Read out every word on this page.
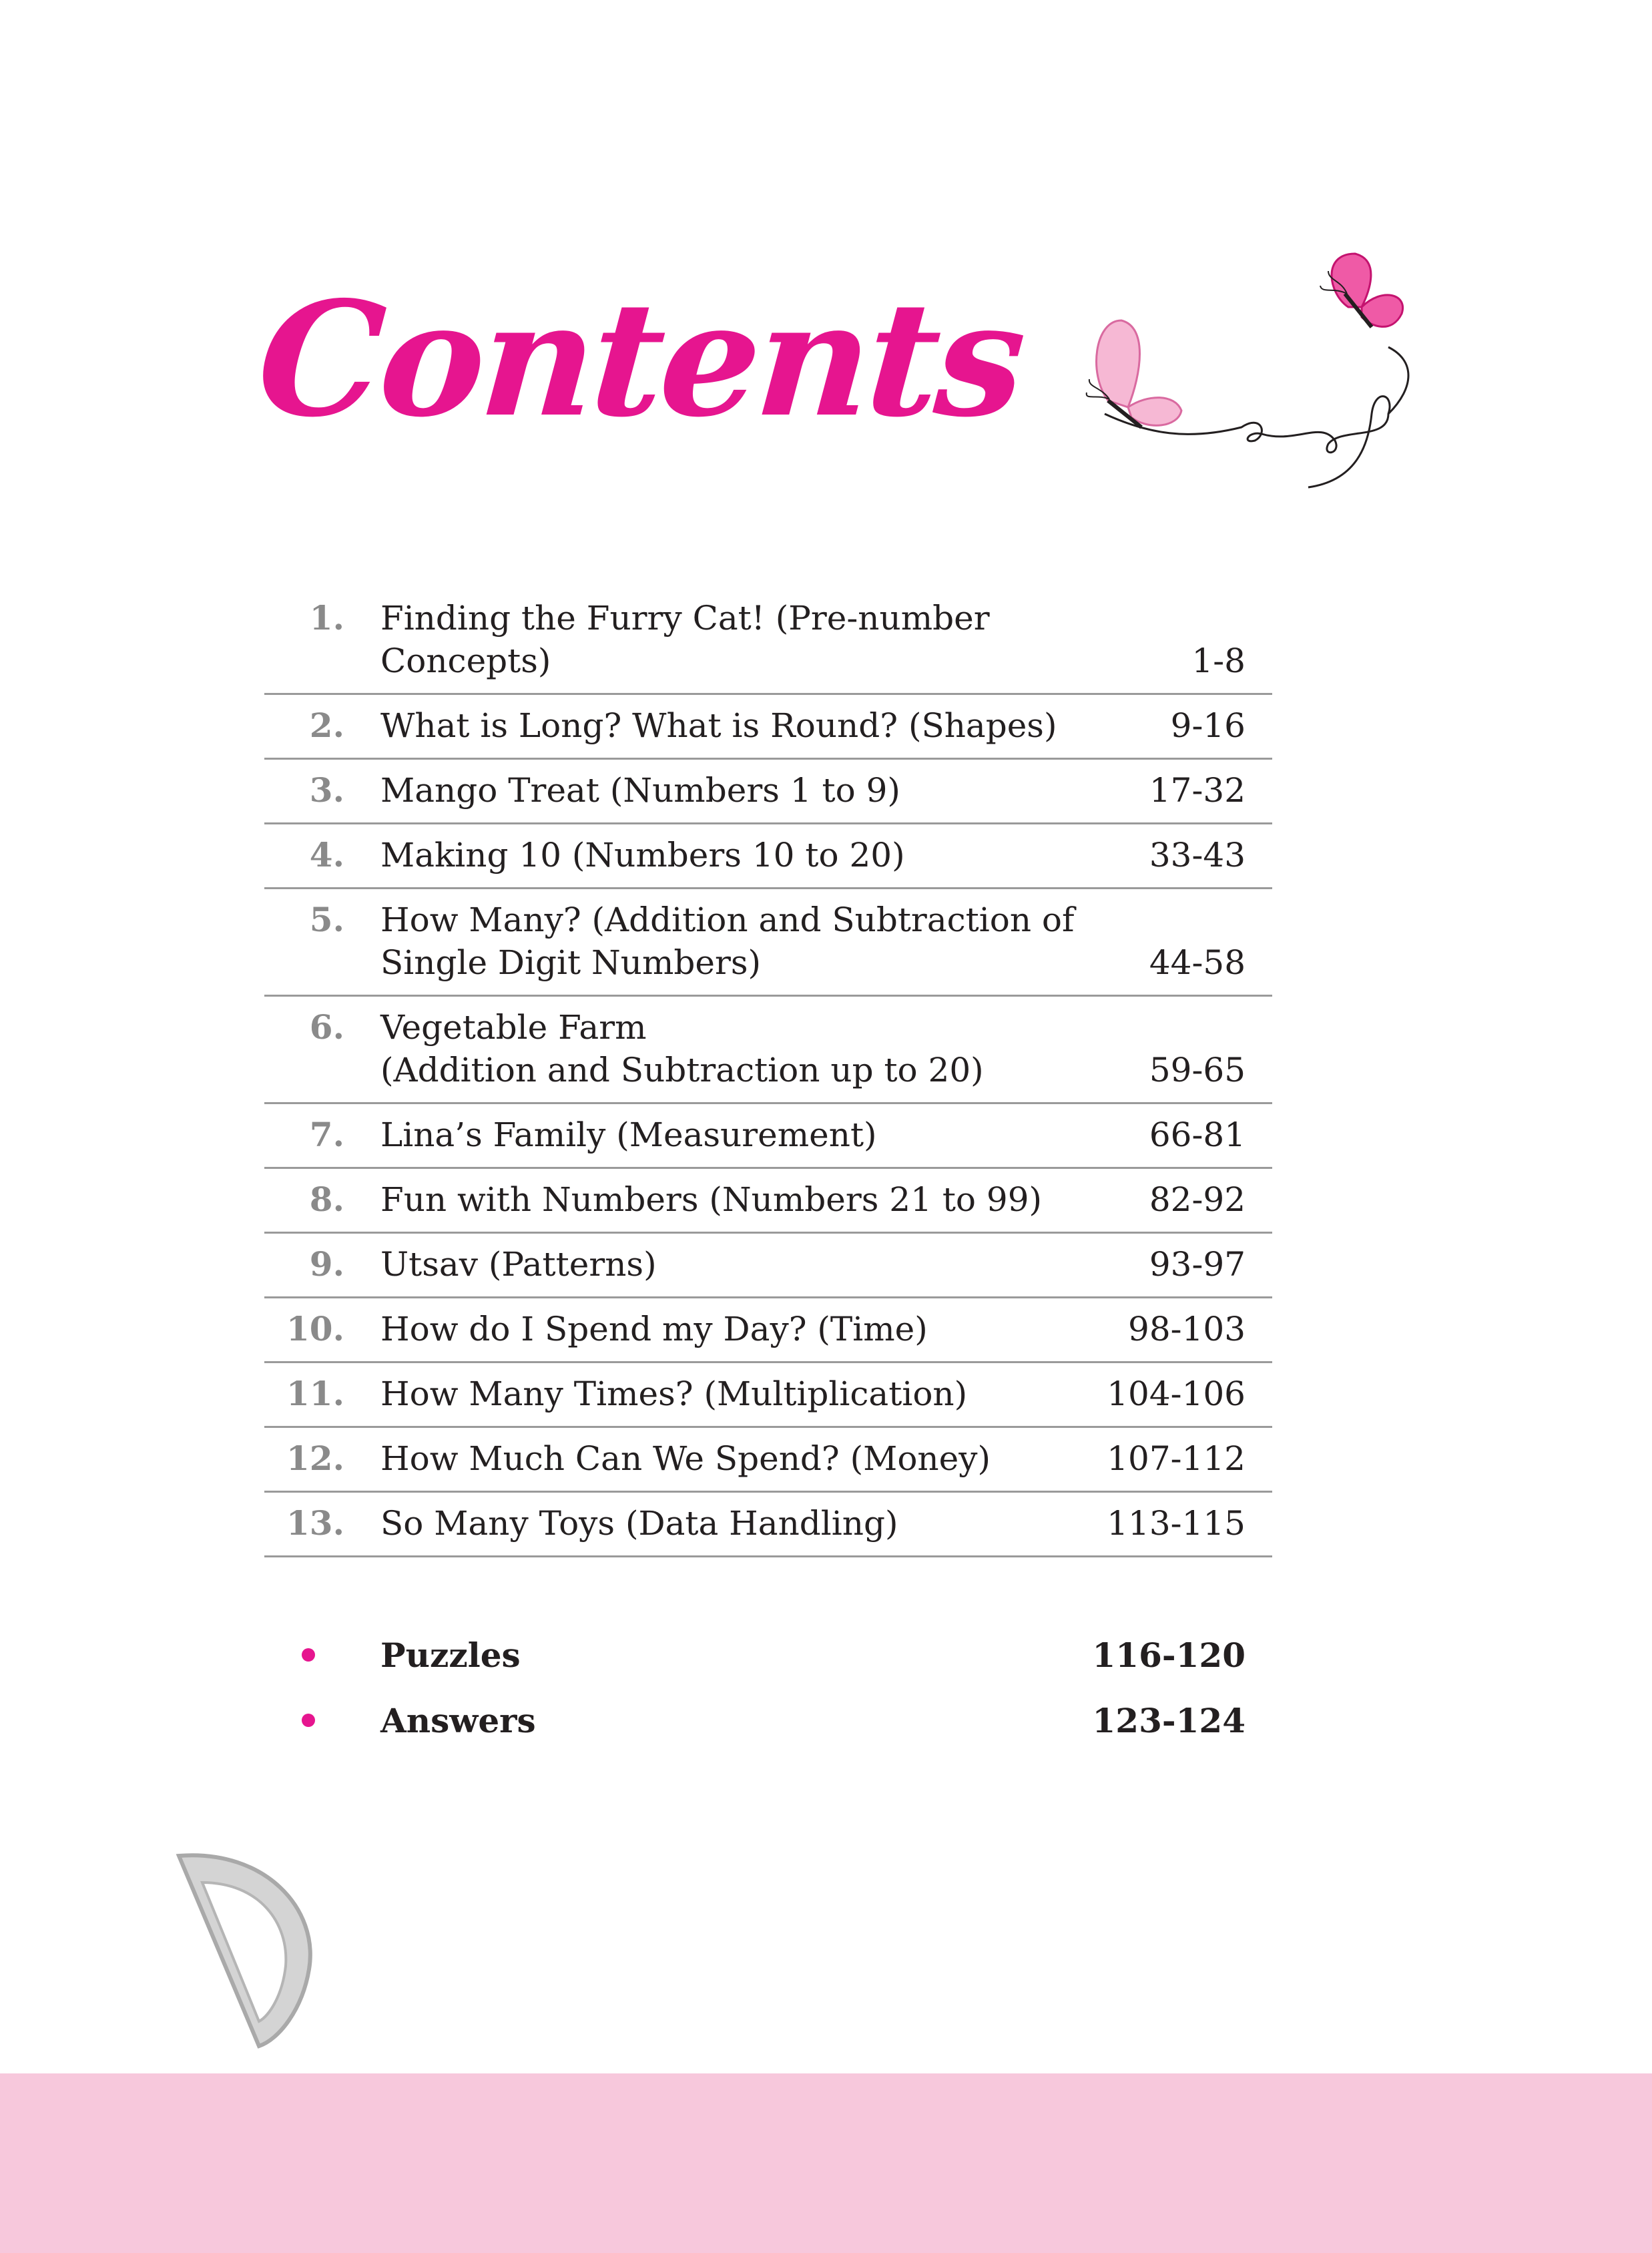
Contents
1. Finding the Furry Cat! (Pre-number Concepts)	1-8
2. What is Long? What is Round? (Shapes)	9-16
3. Mango Treat (Numbers 1 to 9)	17-32
4. Making 10 (Numbers 10 to 20)	33-43
5. How Many? (Addition and Subtraction of
Single Digit Numbers)	44-58
6. Vegetable Farm
(Addition and Subtraction up to 20)	59-65
7. Lina’s Family (Measurement)	66-81
8. Fun with Numbers (Numbers 21 to 99)	82-92
9. Utsav (Patterns)	93-97
10. How do I Spend my Day? (Time)	98-103
11. How Many Times? (Multiplication)	104-106
12. How Much Can We Spend? (Money)	107-112
13. So Many Toys (Data Handling)	113-115
Puzzles	116-120
Answers	123-124
